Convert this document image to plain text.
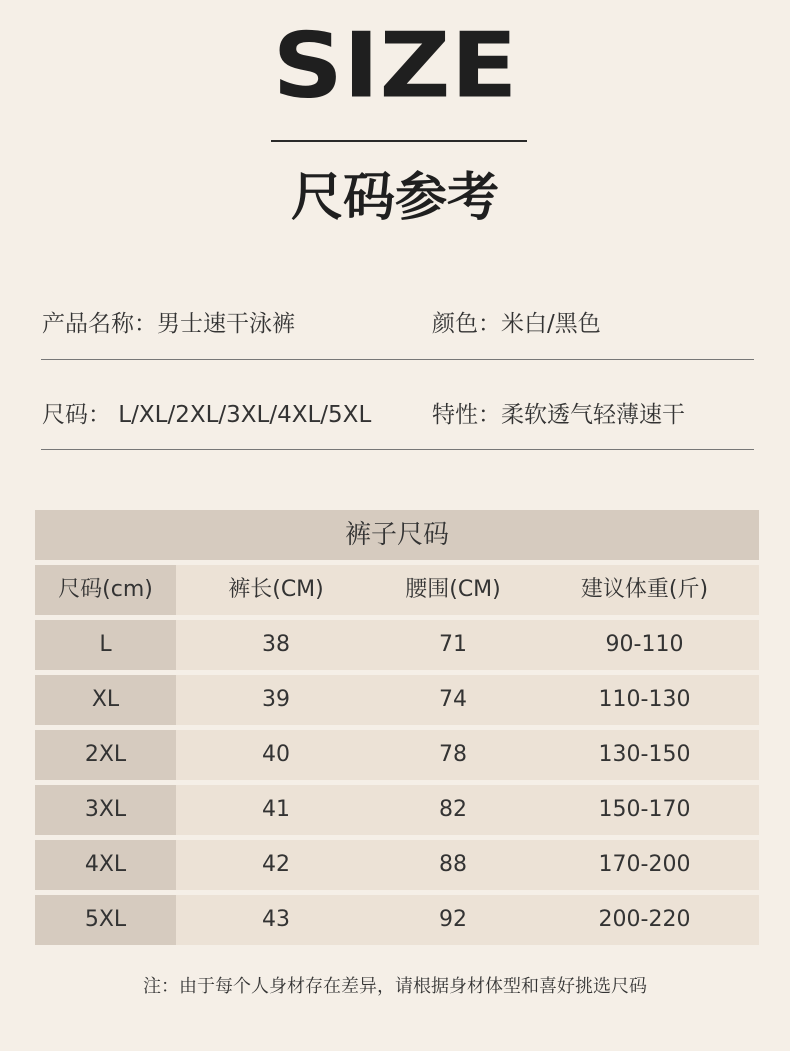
SIZE
尺码参考
产品名称：男士速干泳裤	颜色：米白/黑色
尺码： L/XL/2XL/3XL/4XL/5XL	特性：柔软透气轻薄速干
裤子尺码
尺码(cm)	裤长(CM)	腰围(CM)	建议体重(斤)
L	38	71	90-110
XL	39	74	110-130
2XL	40	78	130-150
3XL	41	82	150-170
4XL	42	88	170-200
5XL	43	92	200-220
注：由于每个人身材存在差异，请根据身材体型和喜好挑选尺码
